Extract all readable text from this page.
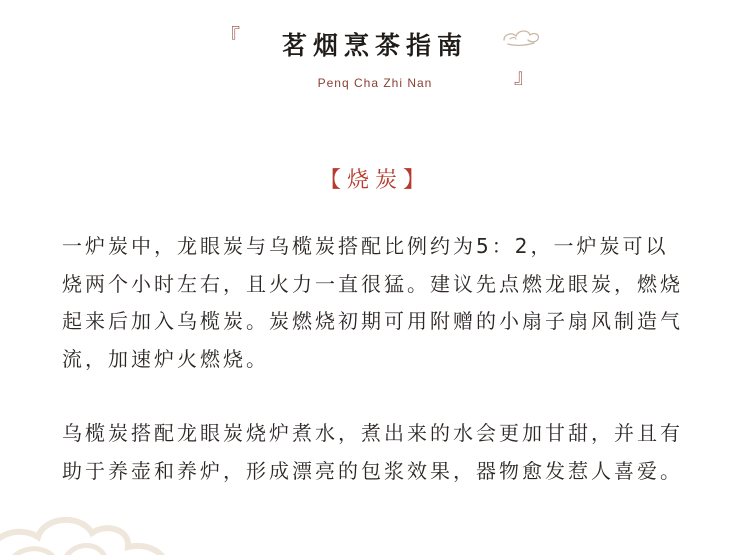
『	茗烟烹茶指南
』
Penq Cha Zhi Nan
【烧炭】

一炉炭中，龙眼炭与乌榄炭搭配比例约为5：2，一炉炭可以烧两个小时左右，且火力一直很猛。建议先点燃龙眼炭，燃烧起来后加入乌榄炭。炭燃烧初期可用附赠的小扇子扇风制造气流，加速炉火燃烧。

乌榄炭搭配龙眼炭烧炉煮水，煮出来的水会更加甘甜，并且有助于养壶和养炉，形成漂亮的包浆效果，器物愈发惹人喜爱。
